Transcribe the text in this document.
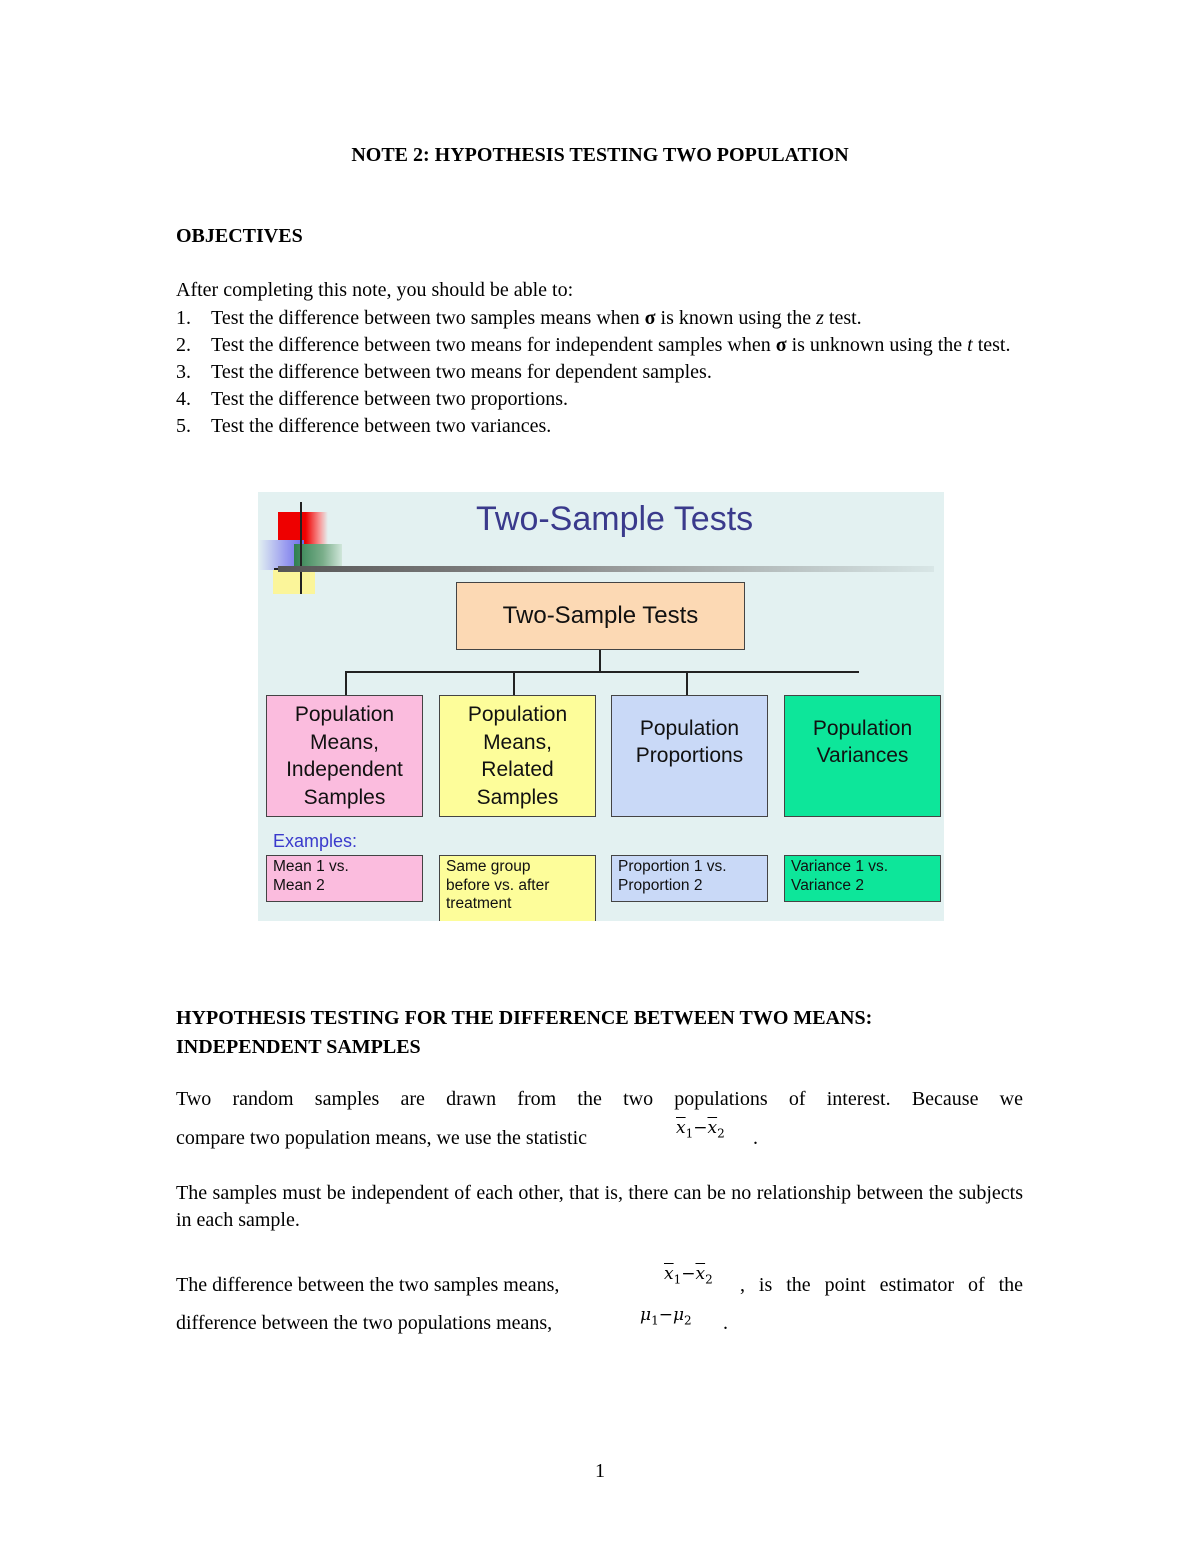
NOTE 2: HYPOTHESIS TESTING TWO POPULATION
OBJECTIVES
After completing this note, you should be able to:
1.	Test the difference between two samples means when σ is known using the z test.
2.	Test the difference between two means for independent samples when σ is unknown using the t test.
3.	Test the difference between two means for dependent samples.
4.	Test the difference between two proportions.
5.	Test the difference between two variances.
Two-Sample Tests
Two-Sample Tests
Population
Means,
Independent
Samples
Population
Means,
Related
Samples
Population
Proportions
Population
Variances
Examples:
Mean 1 vs.
Mean 2
Same group
before vs. after
treatment
Proportion 1 vs.
Proportion 2
Variance 1 vs.
Variance 2
HYPOTHESIS TESTING FOR THE DIFFERENCE BETWEEN TWO MEANS:
INDEPENDENT SAMPLES
Two random samples are drawn from the two populations of interest. Because we
compare two population means, we use the statistic	$\overline{x}_1-\overline{x}_2$ .
The samples must be independent of each other, that is, there can be no relationship between the subjects in each sample.
The difference between the two samples means,	$\overline{x}_1-\overline{x}_2$ , is the point estimator of the
difference between the two populations means,	$\mu_1-\mu_2$ .
1
